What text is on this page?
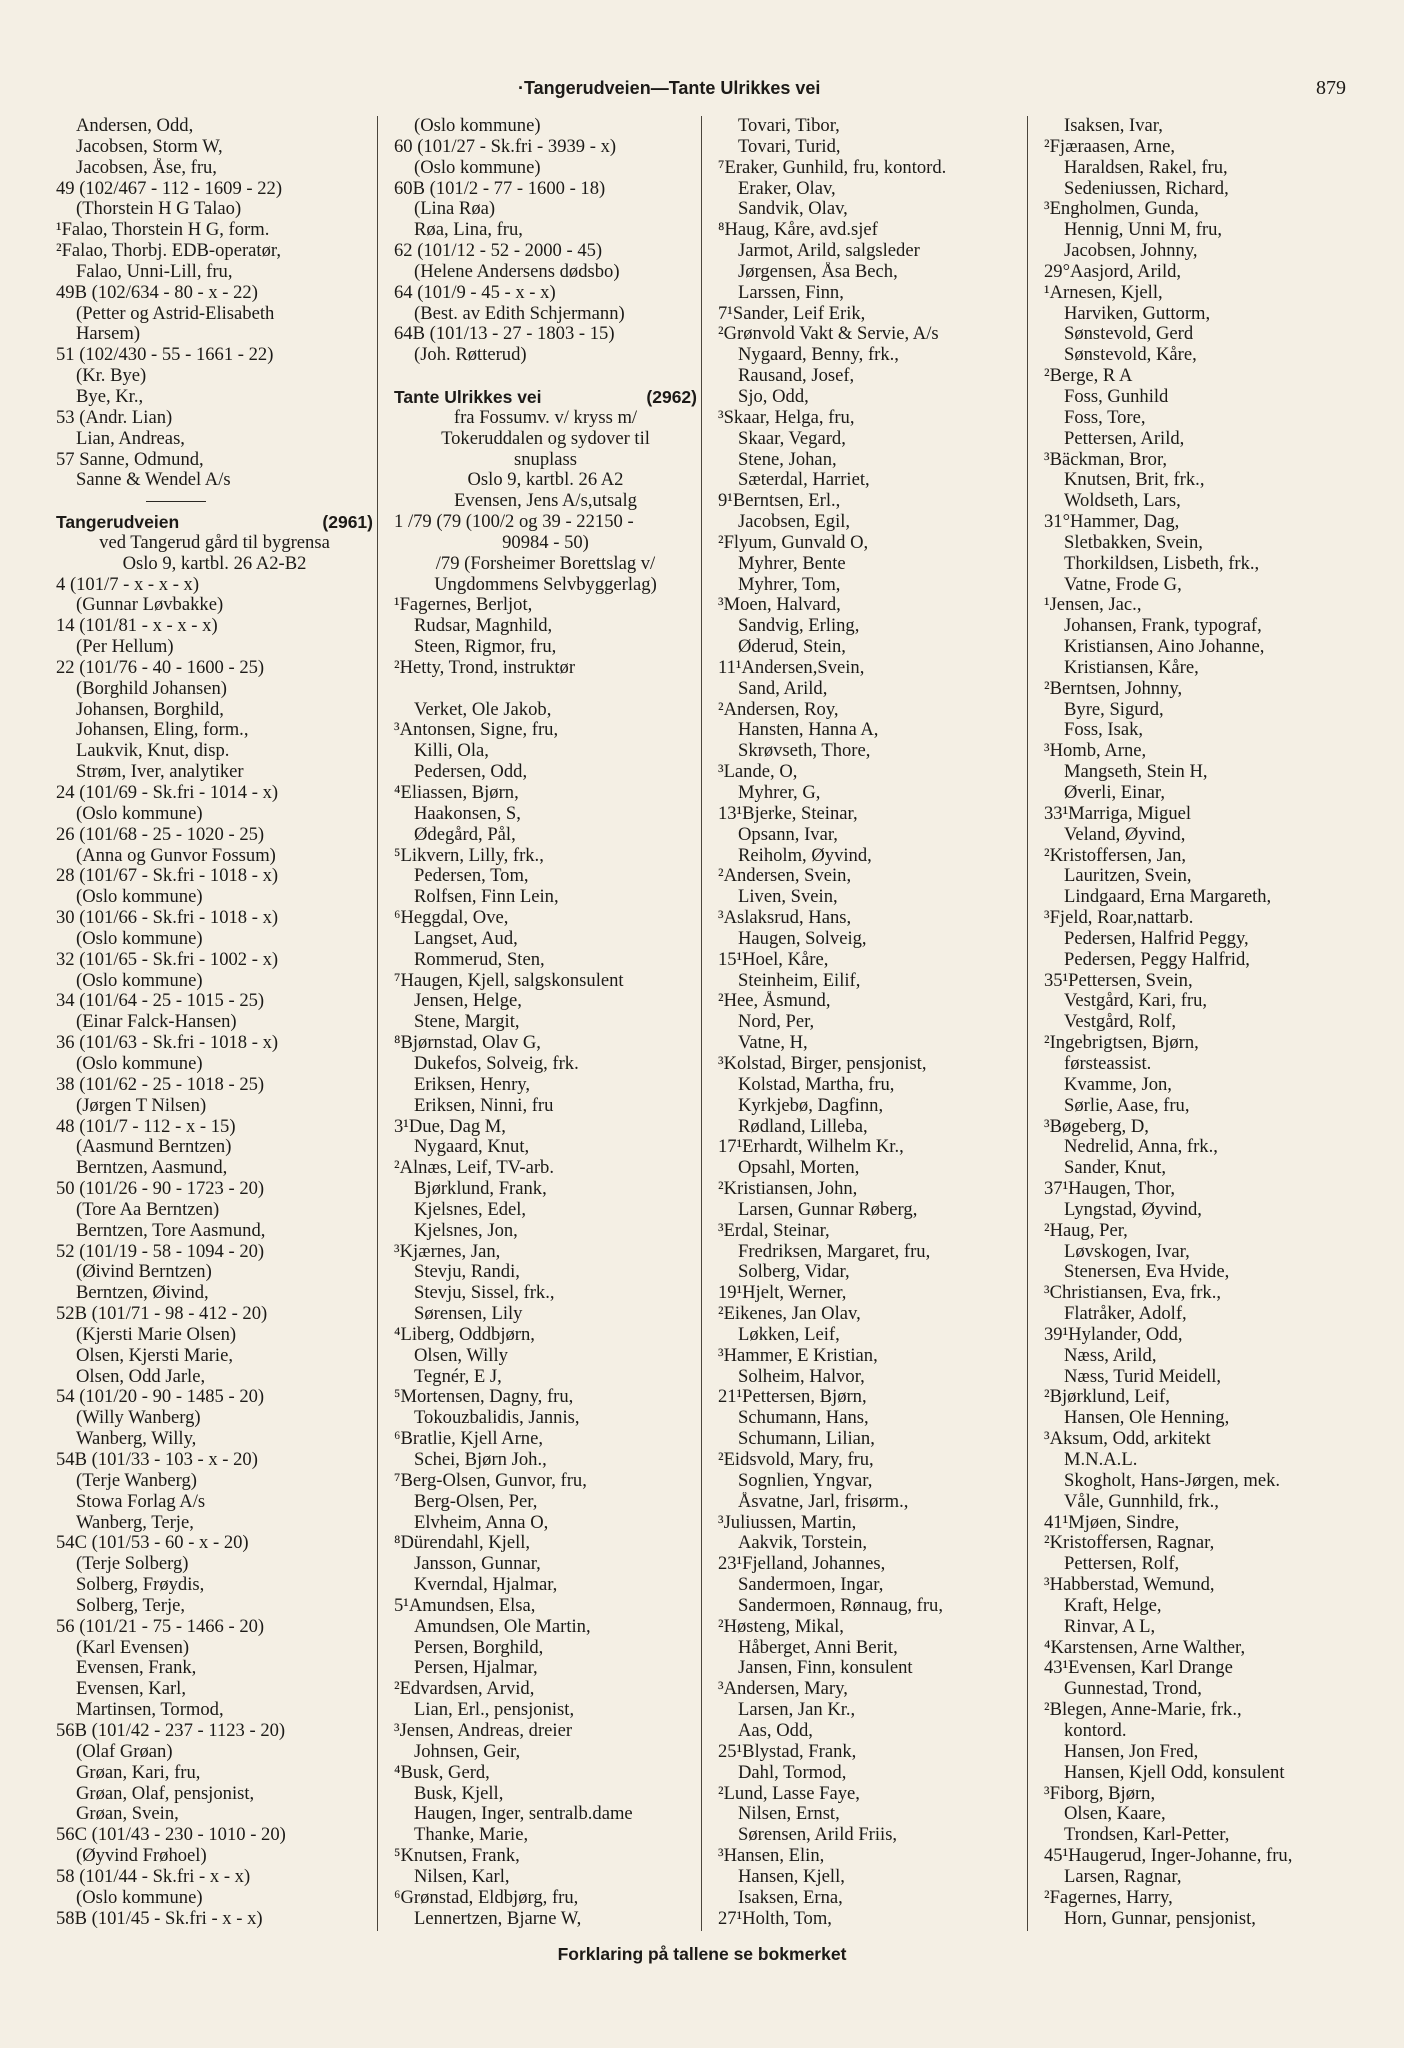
·Tangerudveien—Tante Ulrikkes vei	879
Andersen, Odd,
Jacobsen, Storm W,
Jacobsen, Åse, fru,
49 (102/467 - 112 - 1609 - 22)
(Thorstein H G Talao)
¹Falao, Thorstein H G, form.
²Falao, Thorbj. EDB-operatør,
Falao, Unni-Lill, fru,
49B (102/634 - 80 - x - 22)
(Petter og Astrid-Elisabeth
Harsem)
51 (102/430 - 55 - 1661 - 22)
(Kr. Bye)
Bye, Kr.,
53 (Andr. Lian)
Lian, Andreas,
57 Sanne, Odmund,
Sanne & Wendel A/s
Tangerudveien	(2961)
ved Tangerud gård til bygrensa
Oslo 9, kartbl. 26 A2-B2
4 (101/7 - x - x - x)
(Gunnar Løvbakke)
14 (101/81 - x - x - x)
(Per Hellum)
22 (101/76 - 40 - 1600 - 25)
(Borghild Johansen)
Johansen, Borghild,
Johansen, Eling, form.,
Laukvik, Knut, disp.
Strøm, Iver, analytiker
24 (101/69 - Sk.fri - 1014 - x)
(Oslo kommune)
26 (101/68 - 25 - 1020 - 25)
(Anna og Gunvor Fossum)
28 (101/67 - Sk.fri - 1018 - x)
(Oslo kommune)
30 (101/66 - Sk.fri - 1018 - x)
(Oslo kommune)
32 (101/65 - Sk.fri - 1002 - x)
(Oslo kommune)
34 (101/64 - 25 - 1015 - 25)
(Einar Falck-Hansen)
36 (101/63 - Sk.fri - 1018 - x)
(Oslo kommune)
38 (101/62 - 25 - 1018 - 25)
(Jørgen T Nilsen)
48 (101/7 - 112 - x - 15)
(Aasmund Berntzen)
Berntzen, Aasmund,
50 (101/26 - 90 - 1723 - 20)
(Tore Aa Berntzen)
Berntzen, Tore Aasmund,
52 (101/19 - 58 - 1094 - 20)
(Øivind Berntzen)
Berntzen, Øivind,
52B (101/71 - 98 - 412 - 20)
(Kjersti Marie Olsen)
Olsen, Kjersti Marie,
Olsen, Odd Jarle,
54 (101/20 - 90 - 1485 - 20)
(Willy Wanberg)
Wanberg, Willy,
54B (101/33 - 103 - x - 20)
(Terje Wanberg)
Stowa Forlag A/s
Wanberg, Terje,
54C (101/53 - 60 - x - 20)
(Terje Solberg)
Solberg, Frøydis,
Solberg, Terje,
56 (101/21 - 75 - 1466 - 20)
(Karl Evensen)
Evensen, Frank,
Evensen, Karl,
Martinsen, Tormod,
56B (101/42 - 237 - 1123 - 20)
(Olaf Grøan)
Grøan, Kari, fru,
Grøan, Olaf, pensjonist,
Grøan, Svein,
56C (101/43 - 230 - 1010 - 20)
(Øyvind Frøhoel)
58 (101/44 - Sk.fri - x - x)
(Oslo kommune)
58B (101/45 - Sk.fri - x - x)
(Oslo kommune)
60 (101/27 - Sk.fri - 3939 - x)
(Oslo kommune)
60B (101/2 - 77 - 1600 - 18)
(Lina Røa)
Røa, Lina, fru,
62 (101/12 - 52 - 2000 - 45)
(Helene Andersens dødsbo)
64 (101/9 - 45 - x - x)
(Best. av Edith Schjermann)
64B (101/13 - 27 - 1803 - 15)
(Joh. Røtterud)
Tante Ulrikkes vei	(2962)
fra Fossumv. v/ kryss m/
Tokeruddalen og sydover til
snuplass
Oslo 9, kartbl. 26 A2
Evensen, Jens A/s,utsalg
1 /79 (79 (100/2 og 39 - 22150 -
90984 - 50)
/79 (Forsheimer Borettslag v/
Ungdommens Selvbyggerlag)
¹Fagernes, Berljot,
Rudsar, Magnhild,
Steen, Rigmor, fru,
²Hetty, Trond, instruktør
Verket, Ole Jakob,
³Antonsen, Signe, fru,
Killi, Ola,
Pedersen, Odd,
⁴Eliassen, Bjørn,
Haakonsen, S,
Ødegård, Pål,
⁵Likvern, Lilly, frk.,
Pedersen, Tom,
Rolfsen, Finn Lein,
⁶Heggdal, Ove,
Langset, Aud,
Rommerud, Sten,
⁷Haugen, Kjell, salgskonsulent
Jensen, Helge,
Stene, Margit,
⁸Bjørnstad, Olav G,
Dukefos, Solveig, frk.
Eriksen, Henry,
Eriksen, Ninni, fru
3¹Due, Dag M,
Nygaard, Knut,
²Alnæs, Leif, TV-arb.
Bjørklund, Frank,
Kjelsnes, Edel,
Kjelsnes, Jon,
³Kjærnes, Jan,
Stevju, Randi,
Stevju, Sissel, frk.,
Sørensen, Lily
⁴Liberg, Oddbjørn,
Olsen, Willy
Tegnér, E J,
⁵Mortensen, Dagny, fru,
Tokouzbalidis, Jannis,
⁶Bratlie, Kjell Arne,
Schei, Bjørn Joh.,
⁷Berg-Olsen, Gunvor, fru,
Berg-Olsen, Per,
Elvheim, Anna O,
⁸Dürendahl, Kjell,
Jansson, Gunnar,
Kverndal, Hjalmar,
5¹Amundsen, Elsa,
Amundsen, Ole Martin,
Persen, Borghild,
Persen, Hjalmar,
²Edvardsen, Arvid,
Lian, Erl., pensjonist,
³Jensen, Andreas, dreier
Johnsen, Geir,
⁴Busk, Gerd,
Busk, Kjell,
Haugen, Inger, sentralb.dame
Thanke, Marie,
⁵Knutsen, Frank,
Nilsen, Karl,
⁶Grønstad, Eldbjørg, fru,
Lennertzen, Bjarne W,
Tovari, Tibor,
Tovari, Turid,
⁷Eraker, Gunhild, fru, kontord.
Eraker, Olav,
Sandvik, Olav,
⁸Haug, Kåre, avd.sjef
Jarmot, Arild, salgsleder
Jørgensen, Åsa Bech,
Larssen, Finn,
7¹Sander, Leif Erik,
²Grønvold Vakt & Servie, A/s
Nygaard, Benny, frk.,
Rausand, Josef,
Sjo, Odd,
³Skaar, Helga, fru,
Skaar, Vegard,
Stene, Johan,
Sæterdal, Harriet,
9¹Berntsen, Erl.,
Jacobsen, Egil,
²Flyum, Gunvald O,
Myhrer, Bente
Myhrer, Tom,
³Moen, Halvard,
Sandvig, Erling,
Øderud, Stein,
11¹Andersen,Svein,
Sand, Arild,
²Andersen, Roy,
Hansten, Hanna A,
Skrøvseth, Thore,
³Lande, O,
Myhrer, G,
13¹Bjerke, Steinar,
Opsann, Ivar,
Reiholm, Øyvind,
²Andersen, Svein,
Liven, Svein,
³Aslaksrud, Hans,
Haugen, Solveig,
15¹Hoel, Kåre,
Steinheim, Eilif,
²Hee, Åsmund,
Nord, Per,
Vatne, H,
³Kolstad, Birger, pensjonist,
Kolstad, Martha, fru,
Kyrkjebø, Dagfinn,
Rødland, Lilleba,
17¹Erhardt, Wilhelm Kr.,
Opsahl, Morten,
²Kristiansen, John,
Larsen, Gunnar Røberg,
³Erdal, Steinar,
Fredriksen, Margaret, fru,
Solberg, Vidar,
19¹Hjelt, Werner,
²Eikenes, Jan Olav,
Løkken, Leif,
³Hammer, E Kristian,
Solheim, Halvor,
21¹Pettersen, Bjørn,
Schumann, Hans,
Schumann, Lilian,
²Eidsvold, Mary, fru,
Sognlien, Yngvar,
Åsvatne, Jarl, frisørm.,
³Juliussen, Martin,
Aakvik, Torstein,
23¹Fjelland, Johannes,
Sandermoen, Ingar,
Sandermoen, Rønnaug, fru,
²Høsteng, Mikal,
Håberget, Anni Berit,
Jansen, Finn, konsulent
³Andersen, Mary,
Larsen, Jan Kr.,
Aas, Odd,
25¹Blystad, Frank,
Dahl, Tormod,
²Lund, Lasse Faye,
Nilsen, Ernst,
Sørensen, Arild Friis,
³Hansen, Elin,
Hansen, Kjell,
Isaksen, Erna,
27¹Holth, Tom,
Isaksen, Ivar,
²Fjæraasen, Arne,
Haraldsen, Rakel, fru,
Sedeniussen, Richard,
³Engholmen, Gunda,
Hennig, Unni M, fru,
Jacobsen, Johnny,
29°Aasjord, Arild,
¹Arnesen, Kjell,
Harviken, Guttorm,
Sønstevold, Gerd
Sønstevold, Kåre,
²Berge, R A
Foss, Gunhild
Foss, Tore,
Pettersen, Arild,
³Bäckman, Bror,
Knutsen, Brit, frk.,
Woldseth, Lars,
31°Hammer, Dag,
Sletbakken, Svein,
Thorkildsen, Lisbeth, frk.,
Vatne, Frode G,
¹Jensen, Jac.,
Johansen, Frank, typograf,
Kristiansen, Aino Johanne,
Kristiansen, Kåre,
²Berntsen, Johnny,
Byre, Sigurd,
Foss, Isak,
³Homb, Arne,
Mangseth, Stein H,
Øverli, Einar,
33¹Marriga, Miguel
Veland, Øyvind,
²Kristoffersen, Jan,
Lauritzen, Svein,
Lindgaard, Erna Margareth,
³Fjeld, Roar,nattarb.
Pedersen, Halfrid Peggy,
Pedersen, Peggy Halfrid,
35¹Pettersen, Svein,
Vestgård, Kari, fru,
Vestgård, Rolf,
²Ingebrigtsen, Bjørn,
førsteassist.
Kvamme, Jon,
Sørlie, Aase, fru,
³Bøgeberg, D,
Nedrelid, Anna, frk.,
Sander, Knut,
37¹Haugen, Thor,
Lyngstad, Øyvind,
²Haug, Per,
Løvskogen, Ivar,
Stenersen, Eva Hvide,
³Christiansen, Eva, frk.,
Flatråker, Adolf,
39¹Hylander, Odd,
Næss, Arild,
Næss, Turid Meidell,
²Bjørklund, Leif,
Hansen, Ole Henning,
³Aksum, Odd, arkitekt
M.N.A.L.
Skogholt, Hans-Jørgen, mek.
Våle, Gunnhild, frk.,
41¹Mjøen, Sindre,
²Kristoffersen, Ragnar,
Pettersen, Rolf,
³Habberstad, Wemund,
Kraft, Helge,
Rinvar, A L,
⁴Karstensen, Arne Walther,
43¹Evensen, Karl Drange
Gunnestad, Trond,
²Blegen, Anne-Marie, frk.,
kontord.
Hansen, Jon Fred,
Hansen, Kjell Odd, konsulent
³Fiborg, Bjørn,
Olsen, Kaare,
Trondsen, Karl-Petter,
45¹Haugerud, Inger-Johanne, fru,
Larsen, Ragnar,
²Fagernes, Harry,
Horn, Gunnar, pensjonist,
Forklaring på tallene se bokmerket
